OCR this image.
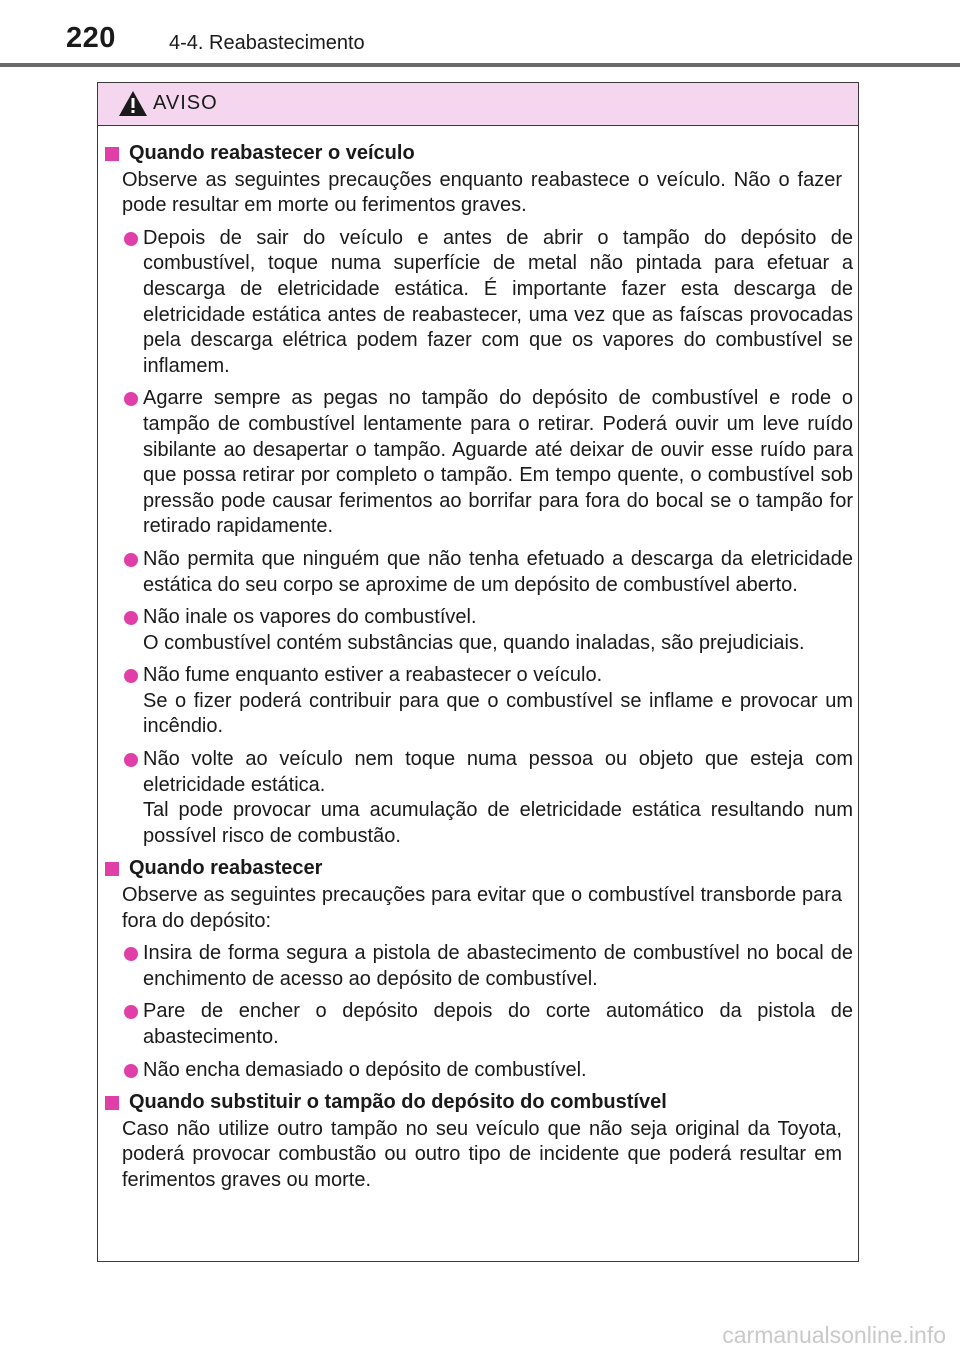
220	4-4. Reabastecimento
AVISO
Quando reabastecer o veículo
Observe as seguintes precauções enquanto reabastece o veículo. Não o fazer pode resultar em morte ou ferimentos graves.

Depois de sair do veículo e antes de abrir o tampão do depósito de combustível, toque numa superfície de metal não pintada para efetuar a descarga de eletricidade estática. É importante fazer esta descarga de eletricidade estática antes de reabastecer, uma vez que as faíscas provocadas pela descarga elétrica podem fazer com que os vapores do combustível se inflamem.

Agarre sempre as pegas no tampão do depósito de combustível e rode o tampão de combustível lentamente para o retirar. Poderá ouvir um leve ruído sibilante ao desapertar o tampão. Aguarde até deixar de ouvir esse ruído para que possa retirar por completo o tampão. Em tempo quente, o combustível sob pressão pode causar ferimentos ao borrifar para fora do bocal se o tampão for retirado rapidamente.

Não permita que ninguém que não tenha efetuado a descarga da eletricidade estática do seu corpo se aproxime de um depósito de combustível aberto.

Não inale os vapores do combustível.

O combustível contém substâncias que, quando inaladas, são prejudiciais.

Não fume enquanto estiver a reabastecer o veículo.

Se o fizer poderá contribuir para que o combustível se inflame e provocar um incêndio.

Não volte ao veículo nem toque numa pessoa ou objeto que esteja com eletricidade estática.

Tal pode provocar uma acumulação de eletricidade estática resultando num possível risco de combustão.

Quando reabastecer
Observe as seguintes precauções para evitar que o combustível transborde para fora do depósito:

Insira de forma segura a pistola de abastecimento de combustível no bocal de enchimento de acesso ao depósito de combustível.

Pare de encher o depósito depois do corte automático da pistola de abastecimento.

Não encha demasiado o depósito de combustível.

Quando substituir o tampão do depósito do combustível
Caso não utilize outro tampão no seu veículo que não seja original da Toyota, poderá provocar combustão ou outro tipo de incidente que poderá resultar em ferimentos graves ou morte.
carmanualsonline.info
